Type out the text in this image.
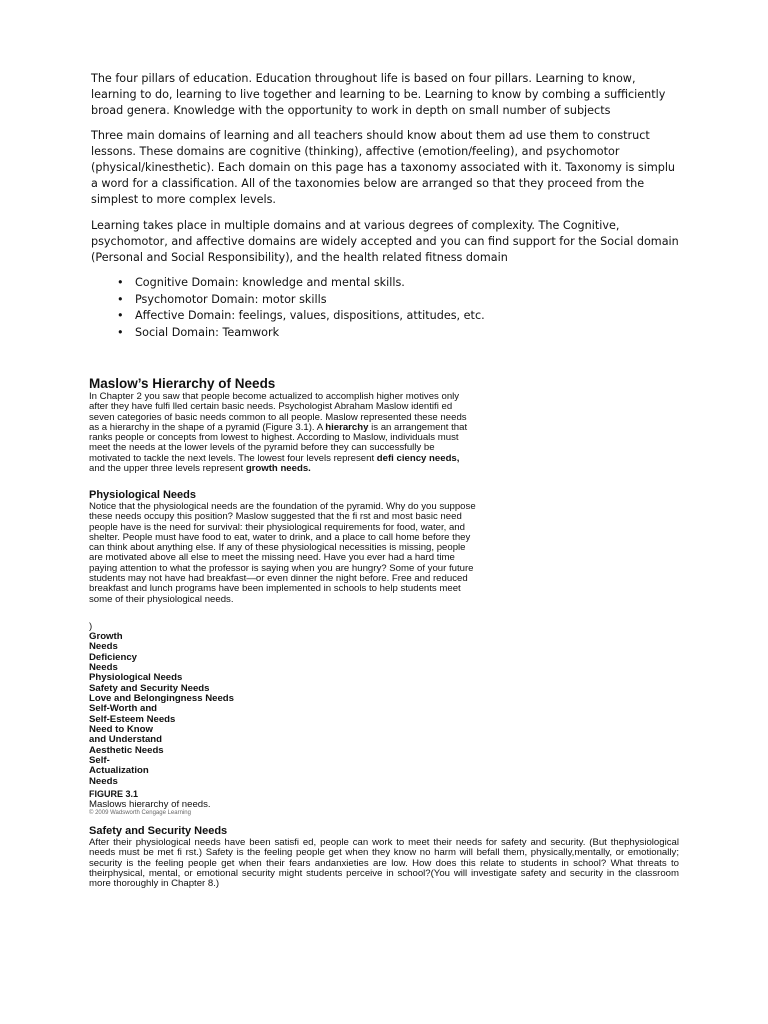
The four pillars of education. Education throughout life is based on four pillars. Learning to know, learning to do, learning to live together and learning to be. Learning to know by combing a sufficiently broad genera. Knowledge with the opportunity to work in depth on small number of subjects

Three main domains of learning and all teachers should know about them ad use them to construct lessons. These domains are cognitive (thinking), affective (emotion/feeling), and psychomotor (physical/kinesthetic). Each domain on this page has a taxonomy associated with it. Taxonomy is simplu a word for a classification. All of the taxonomies below are arranged so that they proceed from the simplest to more complex levels.

Learning takes place in multiple domains and at various degrees of complexity. The Cognitive, psychomotor, and affective domains are widely accepted and you can find support for the Social domain (Personal and Social Responsibility), and the health related fitness domain

• Cognitive Domain: knowledge and mental skills.
• Psychomotor Domain: motor skills
• Affective Domain: feelings, values, dispositions, attitudes, etc.
• Social Domain: Teamwork
Maslow’s Hierarchy of Needs
In Chapter 2 you saw that people become actualized to accomplish higher motives only after they have fulfi lled certain basic needs. Psychologist Abraham Maslow identifi ed seven categories of basic needs common to all people. Maslow represented these needs as a hierarchy in the shape of a pyramid (Figure 3.1). A hierarchy is an arrangement that ranks people or concepts from lowest to highest. According to Maslow, individuals must meet the needs at the lower levels of the pyramid before they can successfully be motivated to tackle the next levels. The lowest four levels represent defi ciency needs, and the upper three levels represent growth needs.
Physiological Needs
Notice that the physiological needs are the foundation of the pyramid. Why do you suppose these needs occupy this position? Maslow suggested that the fi rst and most basic need people have is the need for survival: their physiological requirements for food, water, and shelter. People must have food to eat, water to drink, and a place to call home before they can think about anything else. If any of these physiological necessities is missing, people are motivated above all else to meet the missing need. Have you ever had a hard time paying attention to what the professor is saying when you are hungry? Some of your future students may not have had breakfast—or even dinner the night before. Free and reduced breakfast and lunch programs have been implemented in schools to help students meet some of their physiological needs.
)
Growth
Needs
Deficiency
Needs
Physiological Needs
Safety and Security Needs
Love and Belongingness Needs
Self-Worth and
Self-Esteem Needs
Need to Know
and Understand
Aesthetic Needs
Self-
Actualization
Needs
FIGURE 3.1
Maslows hierarchy of needs.
© 2009 Wadsworth Cengage Learning
Safety and Security Needs
After their physiological needs have been satisfi ed, people can work to meet their needs for safety and security. (But thephysiological needs must be met fi rst.) Safety is the feeling people get when they know no harm will befall them, physically,mentally, or emotionally; security is the feeling people get when their fears andanxieties are low. How does this relate to students in school? What threats to theirphysical, mental, or emotional security might students perceive in school?(You will investigate safety and security in the classroom more thoroughly in Chapter 8.)
